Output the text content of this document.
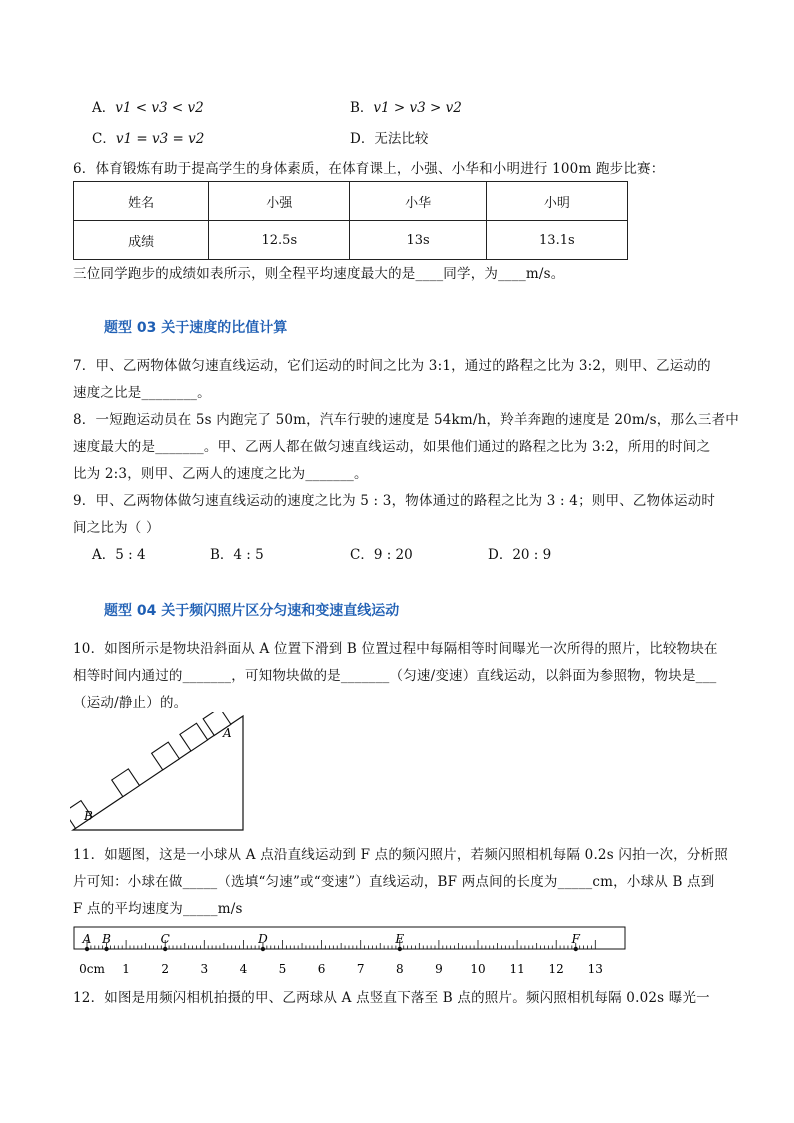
A．v1 < v3 < v2	B．v1 > v3 > v2
C．v1 = v3 = v2	D．无法比较
6．体育锻炼有助于提高学生的身体素质，在体育课上，小强、小华和小明进行 100m 跑步比赛：
姓名	小强	小华	小明
成绩	12.5s	13s	13.1s
三位同学跑步的成绩如表所示，则全程平均速度最大的是____同学，为____m/s。
题型 03 关于速度的比值计算
7．甲、乙两物体做匀速直线运动，它们运动的时间之比为 3:1，通过的路程之比为 3:2，则甲、乙运动的
速度之比是________。
8．一短跑运动员在 5s 内跑完了 50m，汽车行驶的速度是 54km/h，羚羊奔跑的速度是 20m/s，那么三者中
速度最大的是_______。甲、乙两人都在做匀速直线运动，如果他们通过的路程之比为 3:2，所用的时间之
比为 2:3，则甲、乙两人的速度之比为_______。
9．甲、乙两物体做匀速直线运动的速度之比为 5 : 3，物体通过的路程之比为 3 : 4；则甲、乙物体运动时
间之比为（ ）
A．5 : 4	B．4 : 5	C．9 : 20	D．20 : 9
题型 04 关于频闪照片区分匀速和变速直线运动
10．如图所示是物块沿斜面从 A 位置下滑到 B 位置过程中每隔相等时间曝光一次所得的照片，比较物块在
相等时间内通过的_______，可知物块做的是_______（匀速/变速）直线运动，以斜面为参照物，物块是___
（运动/静止）的。
B
A
11．如题图，这是一小球从 A 点沿直线运动到 F 点的频闪照片，若频闪照相机每隔 0.2s 闪拍一次，分析照
片可知：小球在做_____（选填“匀速”或“变速”）直线运动，BF 两点间的长度为_____cm，小球从 B 点到
F 点的平均速度为_____m/s
A B	C	D	E	F
0cm 1	2	3	4	5	6	7	8	9 10 11 12 13
12．如图是用频闪相机拍摄的甲、乙两球从 A 点竖直下落至 B 点的照片。频闪照相机每隔 0.02s 曝光一
